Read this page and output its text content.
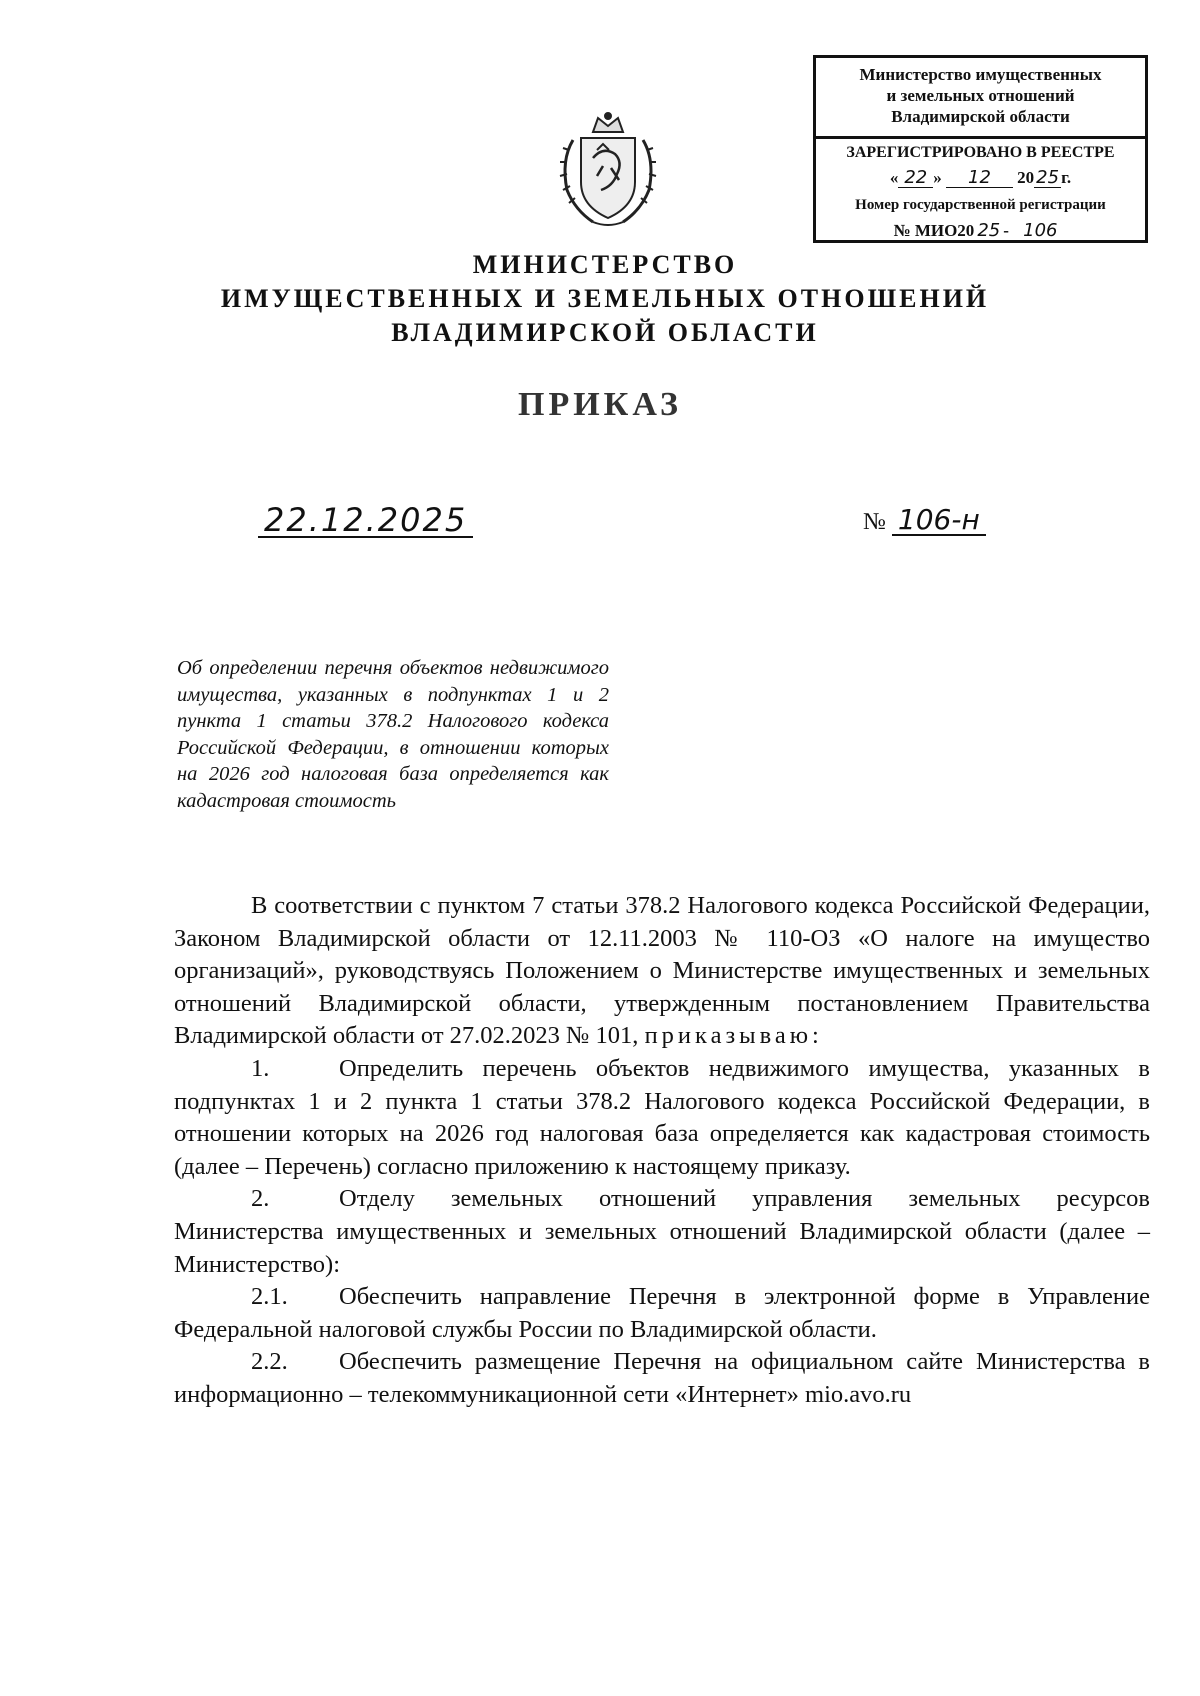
Министерство имущественных
и земельных отношений
Владимирской области
ЗАРЕГИСТРИРОВАНО В РЕЕСТРЕ
« 22 » 12 20 25 г.
Номер государственной регистрации
№ МИО20 25 - 106
МИНИСТЕРСТВО
ИМУЩЕСТВЕННЫХ И ЗЕМЕЛЬНЫХ ОТНОШЕНИЙ
ВЛАДИМИРСКОЙ ОБЛАСТИ
ПРИКАЗ
22.12.2025	№ 106-н
Об определении перечня объектов недвижимого имущества, указанных в подпунктах 1 и 2 пункта 1 статьи 378.2 Налогового кодекса Российской Федерации, в отношении которых на 2026 год налоговая база определяется как кадастровая стоимость

В соответствии с пунктом 7 статьи 378.2 Налогового кодекса Российской Федерации, Законом Владимирской области от 12.11.2003 № 110-ОЗ «О налоге на имущество организаций», руководствуясь Положением о Министерстве имущественных и земельных отношений Владимирской области, утвержденным постановлением Правительства Владимирской области от 27.02.2023 № 101, приказываю:

1.	Определить перечень объектов недвижимого имущества, указанных в подпунктах 1 и 2 пункта 1 статьи 378.2 Налогового кодекса Российской Федерации, в отношении которых на 2026 год налоговая база определяется как кадастровая стоимость (далее – Перечень) согласно приложению к настоящему приказу.

2.	Отделу земельных отношений управления земельных ресурсов Министерства имущественных и земельных отношений Владимирской области (далее – Министерство):

2.1. Обеспечить направление Перечня в электронной форме в Управление Федеральной налоговой службы России по Владимирской области.

2.2. Обеспечить размещение Перечня на официальном сайте Министерства в информационно – телекоммуникационной сети «Интернет» mio.avo.ru
